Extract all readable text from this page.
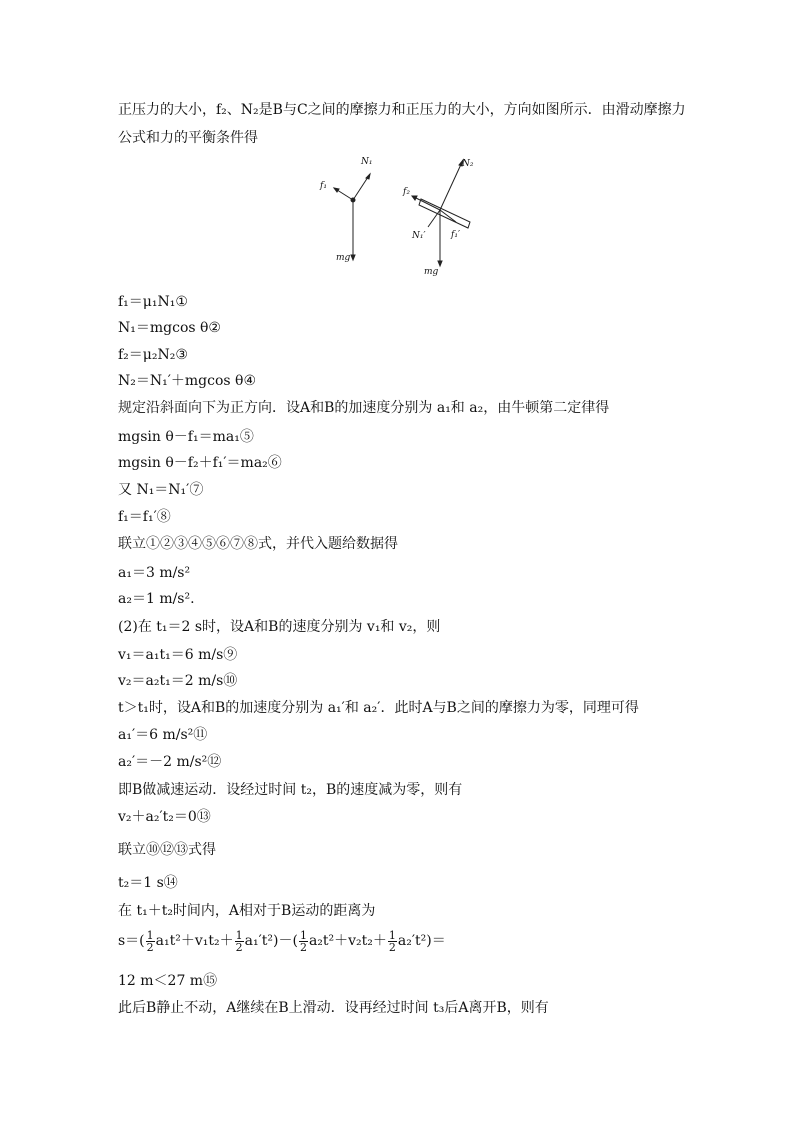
正压力的大小，f₂、N₂是B与C之间的摩擦力和正压力的大小，方向如图所示．由滑动摩擦力公式和力的平衡条件得
N₁
f₁
mg
N₂
f₂
N₁′	f₁′
mg
f₁＝μ₁N₁①
N₁＝mgcos θ②
f₂＝μ₂N₂③
N₂＝N₁′＋mgcos θ④
规定沿斜面向下为正方向．设A和B的加速度分别为 a₁和 a₂，由牛顿第二定律得
mgsin θ－f₁＝ma₁⑤
mgsin θ－f₂＋f₁′＝ma₂⑥
又 N₁＝N₁′⑦
f₁＝f₁′⑧
联立①②③④⑤⑥⑦⑧式，并代入题给数据得
a₁＝3 m/s²
a₂＝1 m/s².
(2)在 t₁＝2 s时，设A和B的速度分别为 v₁和 v₂，则
v₁＝a₁t₁＝6 m/s⑨
v₂＝a₂t₁＝2 m/s⑩
t＞t₁时，设A和B的加速度分别为 a₁′和 a₂′．此时A与B之间的摩擦力为零，同理可得
a₁′＝6 m/s²⑪
a₂′＝－2 m/s²⑫
即B做减速运动．设经过时间 t₂，B的速度减为零，则有
v₂＋a₂′t₂＝0⑬
联立⑩⑫⑬式得
t₂＝1 s⑭
在 t₁＋t₂时间内，A相对于B运动的距离为
$s=( \frac{1}{2} a_1t^2+v_1t_2+ \frac{1}{2} a_1't^2)-( \frac{1}{2} a_2t^2+v_2t_2+ \frac{1}{2} a_2't^2)=$
12 m＜27 m⑮
此后B静止不动，A继续在B上滑动．设再经过时间 t₃后A离开B，则有
